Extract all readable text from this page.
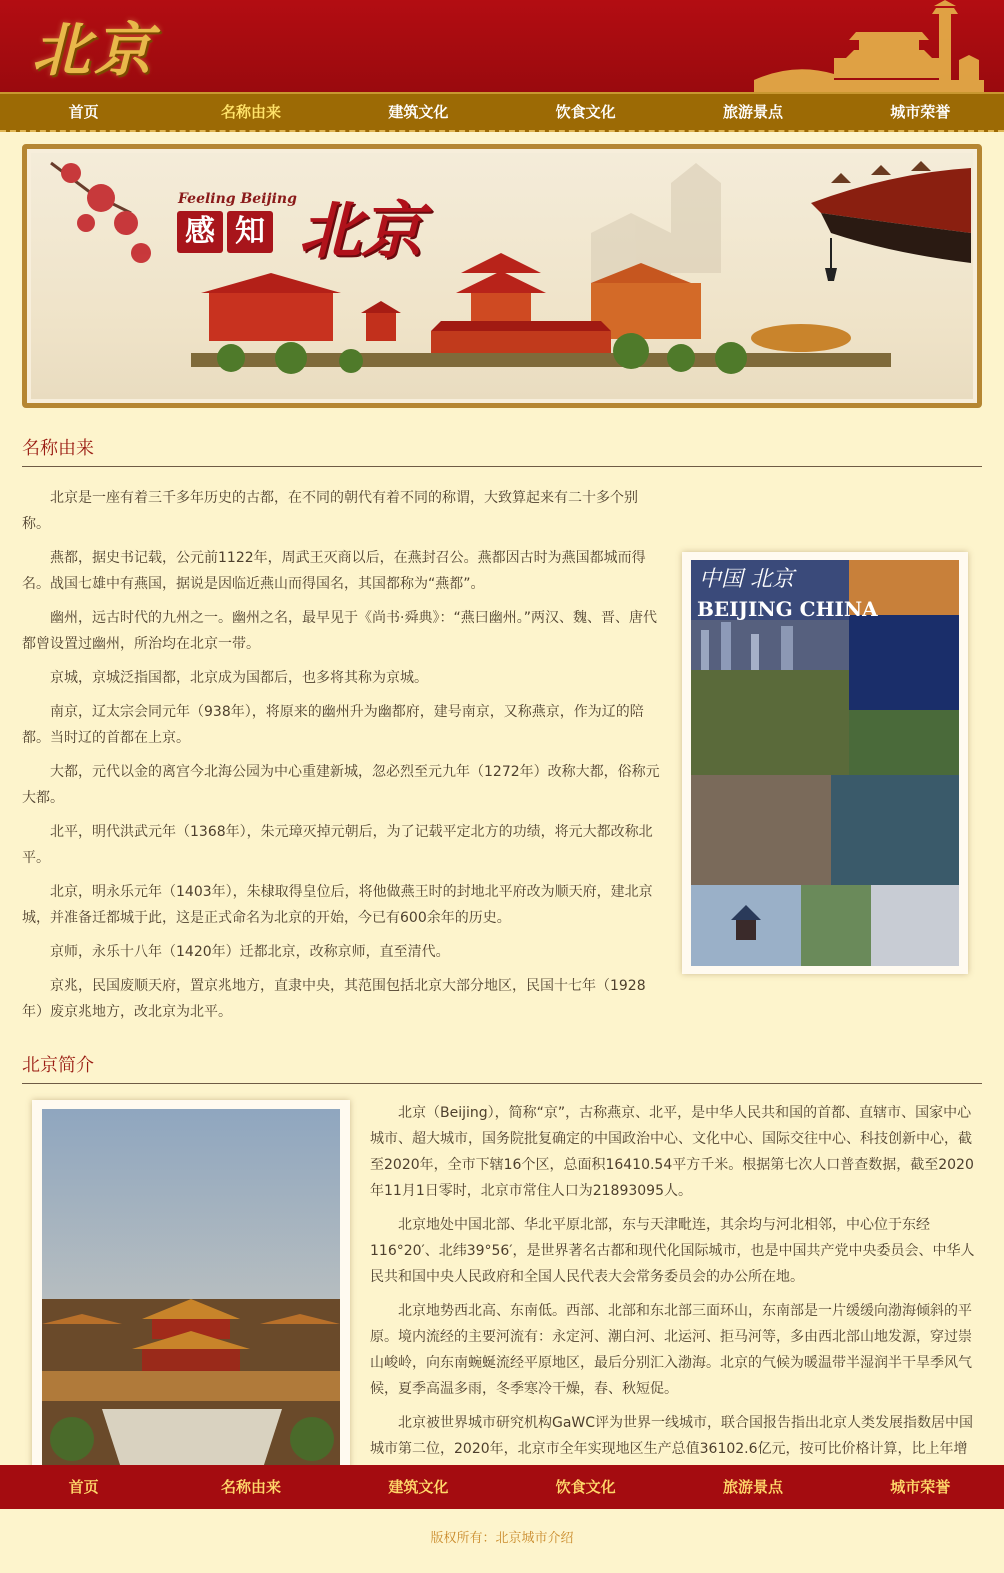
北京
首页	名称由来	建筑文化	饮食文化	旅游景点	城市荣誉
Feeling Beijing
感 知 北京
名称由来

北京是一座有着三千多年历史的古都，在不同的朝代有着不同的称谓，大致算起来有二十多个别称。

燕都，据史书记载，公元前1122年，周武王灭商以后，在燕封召公。燕都因古时为燕国都城而得名。战国七雄中有燕国，据说是因临近燕山而得国名，其国都称为“燕都”。

幽州，远古时代的九州之一。幽州之名，最早见于《尚书·舜典》：“燕曰幽州。”两汉、魏、晋、唐代都曾设置过幽州，所治均在北京一带。

京城，京城泛指国都，北京成为国都后，也多将其称为京城。

南京，辽太宗会同元年（938年），将原来的幽州升为幽都府，建号南京，又称燕京，作为辽的陪都。当时辽的首都在上京。

大都，元代以金的离宫今北海公园为中心重建新城，忽必烈至元九年（1272年）改称大都，俗称元大都。

北平，明代洪武元年（1368年），朱元璋灭掉元朝后，为了记载平定北方的功绩，将元大都改称北平。

北京，明永乐元年（1403年），朱棣取得皇位后，将他做燕王时的封地北平府改为顺天府，建北京城，并准备迁都城于此，这是正式命名为北京的开始，今已有600余年的历史。

京师，永乐十八年（1420年）迁都北京，改称京师，直至清代。

京兆，民国废顺天府，置京兆地方，直隶中央，其范围包括北京大部分地区，民国十七年（1928年）废京兆地方，改北京为北平。

中国 北京
BEIJING CHINA
北京简介

北京（Beijing），简称“京”，古称燕京、北平，是中华人民共和国的首都、直辖市、国家中心城市、超大城市，国务院批复确定的中国政治中心、文化中心、国际交往中心、科技创新中心，截至2020年，全市下辖16个区，总面积16410.54平方千米。根据第七次人口普查数据，截至2020年11月1日零时，北京市常住人口为21893095人。

北京地处中国北部、华北平原北部，东与天津毗连，其余均与河北相邻，中心位于东经116°20′、北纬39°56′，是世界著名古都和现代化国际城市，也是中国共产党中央委员会、中华人民共和国中央人民政府和全国人民代表大会常务委员会的办公所在地。

北京地势西北高、东南低。西部、北部和东北部三面环山，东南部是一片缓缓向渤海倾斜的平原。境内流经的主要河流有：永定河、潮白河、北运河、拒马河等，多由西北部山地发源，穿过崇山峻岭，向东南蜿蜒流经平原地区，最后分别汇入渤海。北京的气候为暖温带半湿润半干旱季风气候，夏季高温多雨，冬季寒冷干燥，春、秋短促。

北京被世界城市研究机构GaWC评为世界一线城市，联合国报告指出北京人类发展指数居中国城市第二位，2020年，北京市全年实现地区生产总值36102.6亿元，按可比价格计算，比上年增

首页	名称由来	建筑文化	饮食文化	旅游景点	城市荣誉
版权所有：北京城市介绍
